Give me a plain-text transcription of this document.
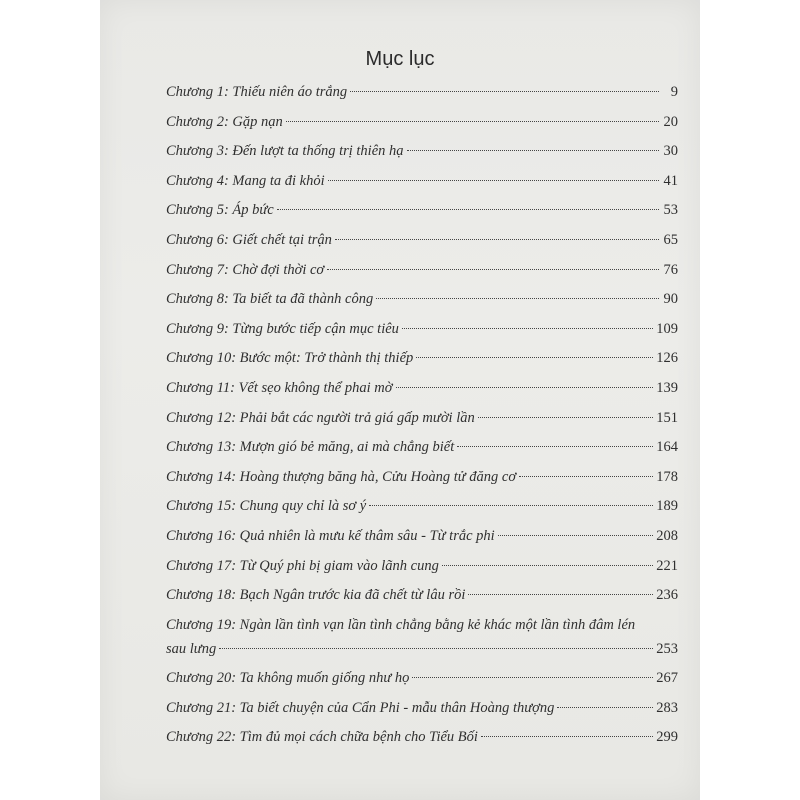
Mục lục
Chương 1: Thiếu niên áo trắng	9
Chương 2: Gặp nạn	20
Chương 3: Đến lượt ta thống trị thiên hạ	30
Chương 4: Mang ta đi khỏi	41
Chương 5: Áp bức	53
Chương 6: Giết chết tại trận	65
Chương 7: Chờ đợi thời cơ	76
Chương 8: Ta biết ta đã thành công	90
Chương 9: Từng bước tiếp cận mục tiêu	109
Chương 10: Bước một: Trở thành thị thiếp	126
Chương 11: Vết sẹo không thể phai mờ	139
Chương 12: Phải bắt các người trả giá gấp mười lần	151
Chương 13: Mượn gió bẻ măng, ai mà chẳng biết	164
Chương 14: Hoàng thượng băng hà, Cửu Hoàng tử đăng cơ	178
Chương 15: Chung quy chỉ là sơ ý	189
Chương 16: Quả nhiên là mưu kế thâm sâu - Từ trắc phi	208
Chương 17: Từ Quý phi bị giam vào lãnh cung	221
Chương 18: Bạch Ngân trước kia đã chết từ lâu rồi	236
Chương 19: Ngàn lần tình vạn lần tình chẳng bằng kẻ khác một lần tình đâm lén
sau lưng	253
Chương 20: Ta không muốn giống như họ	267
Chương 21: Ta biết chuyện của Cẩn Phi - mẫu thân Hoàng thượng	283
Chương 22: Tìm đủ mọi cách chữa bệnh cho Tiểu Bối	299
